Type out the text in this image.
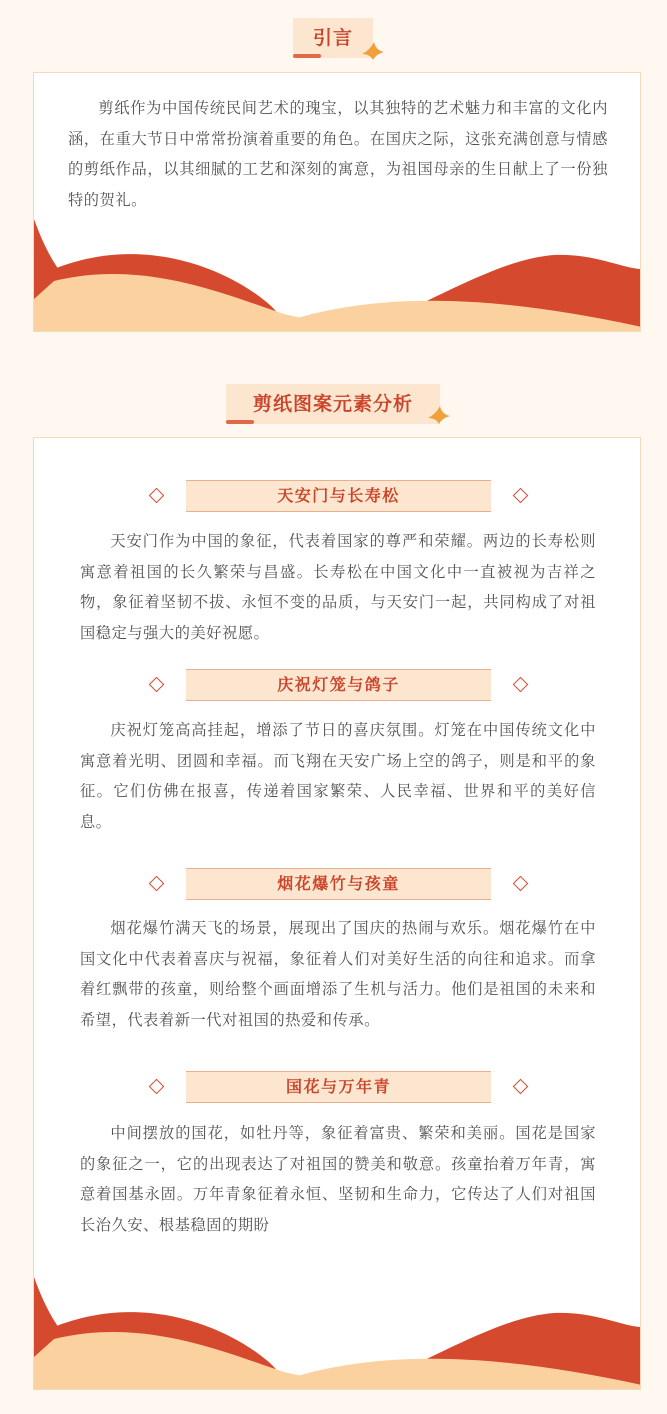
引言

剪纸作为中国传统民间艺术的瑰宝，以其独特的艺术魅力和丰富的文化内涵，在重大节日中常常扮演着重要的角色。在国庆之际，这张充满创意与情感的剪纸作品，以其细腻的工艺和深刻的寓意，为祖国母亲的生日献上了一份独特的贺礼。

剪纸图案元素分析
天安门与长寿松

天安门作为中国的象征，代表着国家的尊严和荣耀。两边的长寿松则寓意着祖国的长久繁荣与昌盛。长寿松在中国文化中一直被视为吉祥之物，象征着坚韧不拔、永恒不变的品质，与天安门一起，共同构成了对祖国稳定与强大的美好祝愿。

庆祝灯笼与鸽子

庆祝灯笼高高挂起，增添了节日的喜庆氛围。灯笼在中国传统文化中寓意着光明、团圆和幸福。而飞翔在天安广场上空的鸽子，则是和平的象征。它们仿佛在报喜，传递着国家繁荣、人民幸福、世界和平的美好信息。

烟花爆竹与孩童

烟花爆竹满天飞的场景，展现出了国庆的热闹与欢乐。烟花爆竹在中国文化中代表着喜庆与祝福，象征着人们对美好生活的向往和追求。而拿着红飘带的孩童，则给整个画面增添了生机与活力。他们是祖国的未来和希望，代表着新一代对祖国的热爱和传承。

国花与万年青

中间摆放的国花，如牡丹等，象征着富贵、繁荣和美丽。国花是国家的象征之一，它的出现表达了对祖国的赞美和敬意。孩童抬着万年青，寓意着国基永固。万年青象征着永恒、坚韧和生命力，它传达了人们对祖国长治久安、根基稳固的期盼
